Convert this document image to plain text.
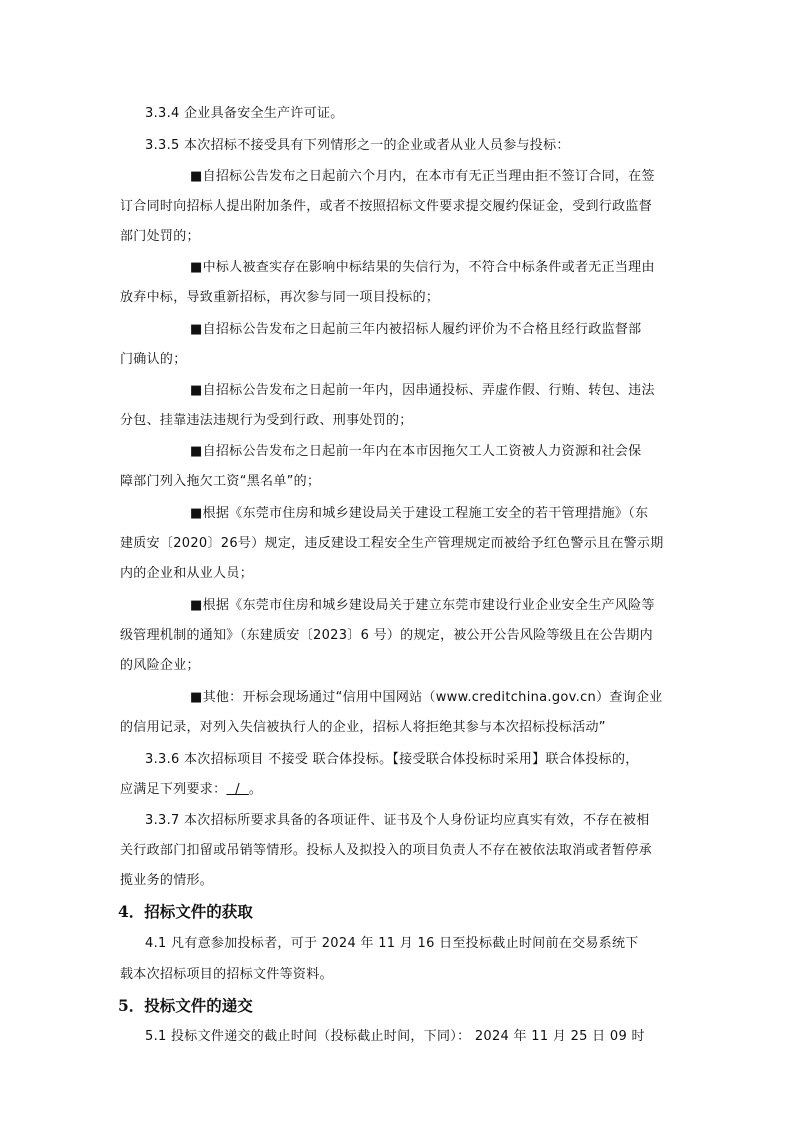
3.3.4 企业具备安全生产许可证。
3.3.5 本次招标不接受具有下列情形之一的企业或者从业人员参与投标：
■自招标公告发布之日起前六个月内，在本市有无正当理由拒不签订合同，在签
订合同时向招标人提出附加条件，或者不按照招标文件要求提交履约保证金，受到行政监督
部门处罚的；
■中标人被查实存在影响中标结果的失信行为，不符合中标条件或者无正当理由
放弃中标，导致重新招标，再次参与同一项目投标的；
■自招标公告发布之日起前三年内被招标人履约评价为不合格且经行政监督部
门确认的；
■自招标公告发布之日起前一年内，因串通投标、弄虚作假、行贿、转包、违法
分包、挂靠违法违规行为受到行政、刑事处罚的；
■自招标公告发布之日起前一年内在本市因拖欠工人工资被人力资源和社会保
障部门列入拖欠工资“黑名单”的；
■根据《东莞市住房和城乡建设局关于建设工程施工安全的若干管理措施》（东
建质安〔2020〕26号）规定，违反建设工程安全生产管理规定而被给予红色警示且在警示期
内的企业和从业人员；
■根据《东莞市住房和城乡建设局关于建立东莞市建设行业企业安全生产风险等
级管理机制的通知》（东建质安〔2023〕6 号）的规定，被公开公告风险等级且在公告期内
的风险企业；
■其他：开标会现场通过“信用中国网站（www.creditchina.gov.cn）查询企业
的信用记录，对列入失信被执行人的企业，招标人将拒绝其参与本次招标投标活动”
3.3.6 本次招标项目 不接受 联合体投标。【接受联合体投标时采用】联合体投标的，
应满足下列要求：  /  。
3.3.7 本次招标所要求具备的各项证件、证书及个人身份证均应真实有效，不存在被相
关行政部门扣留或吊销等情形。投标人及拟投入的项目负责人不存在被依法取消或者暂停承
揽业务的情形。
4．招标文件的获取
4.1 凡有意参加投标者，可于 2024 年 11 月 16 日至投标截止时间前在交易系统下
载本次招标项目的招标文件等资料。
5．投标文件的递交
5.1 投标文件递交的截止时间（投标截止时间，下同）： 2024 年 11 月 25 日 09 时
